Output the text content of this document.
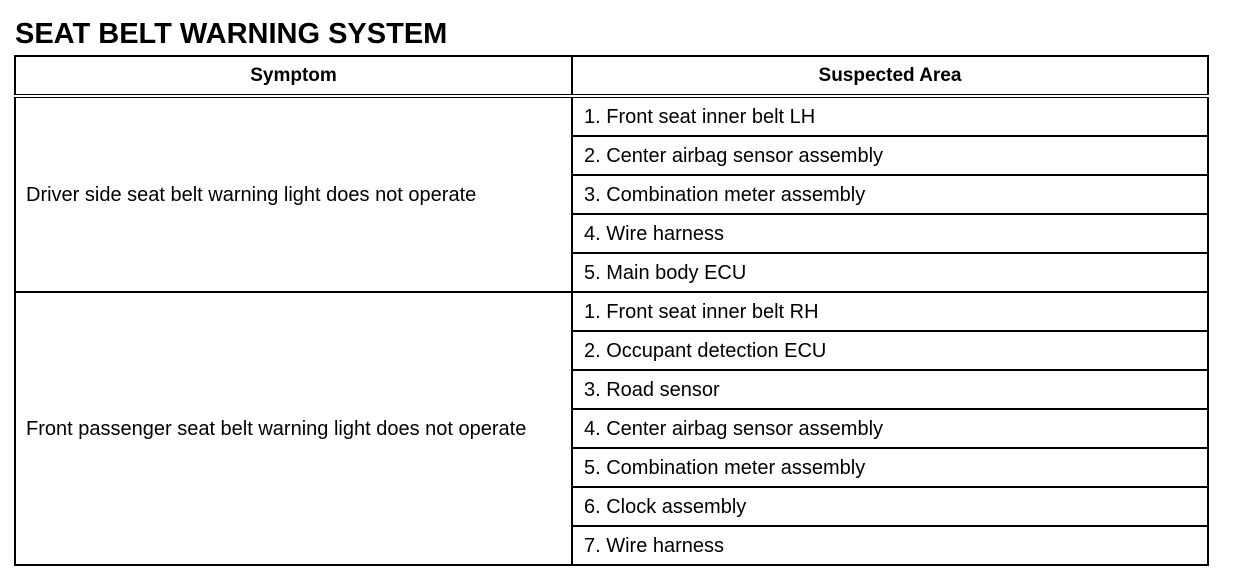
SEAT BELT WARNING SYSTEM
Symptom	Suspected Area
Driver side seat belt warning light does not operate	1. Front seat inner belt LH
	2. Center airbag sensor assembly
	3. Combination meter assembly
	4. Wire harness
	5. Main body ECU
Front passenger seat belt warning light does not operate	1. Front seat inner belt RH
	2. Occupant detection ECU
	3. Road sensor
	4. Center airbag sensor assembly
	5. Combination meter assembly
	6. Clock assembly
	7. Wire harness
